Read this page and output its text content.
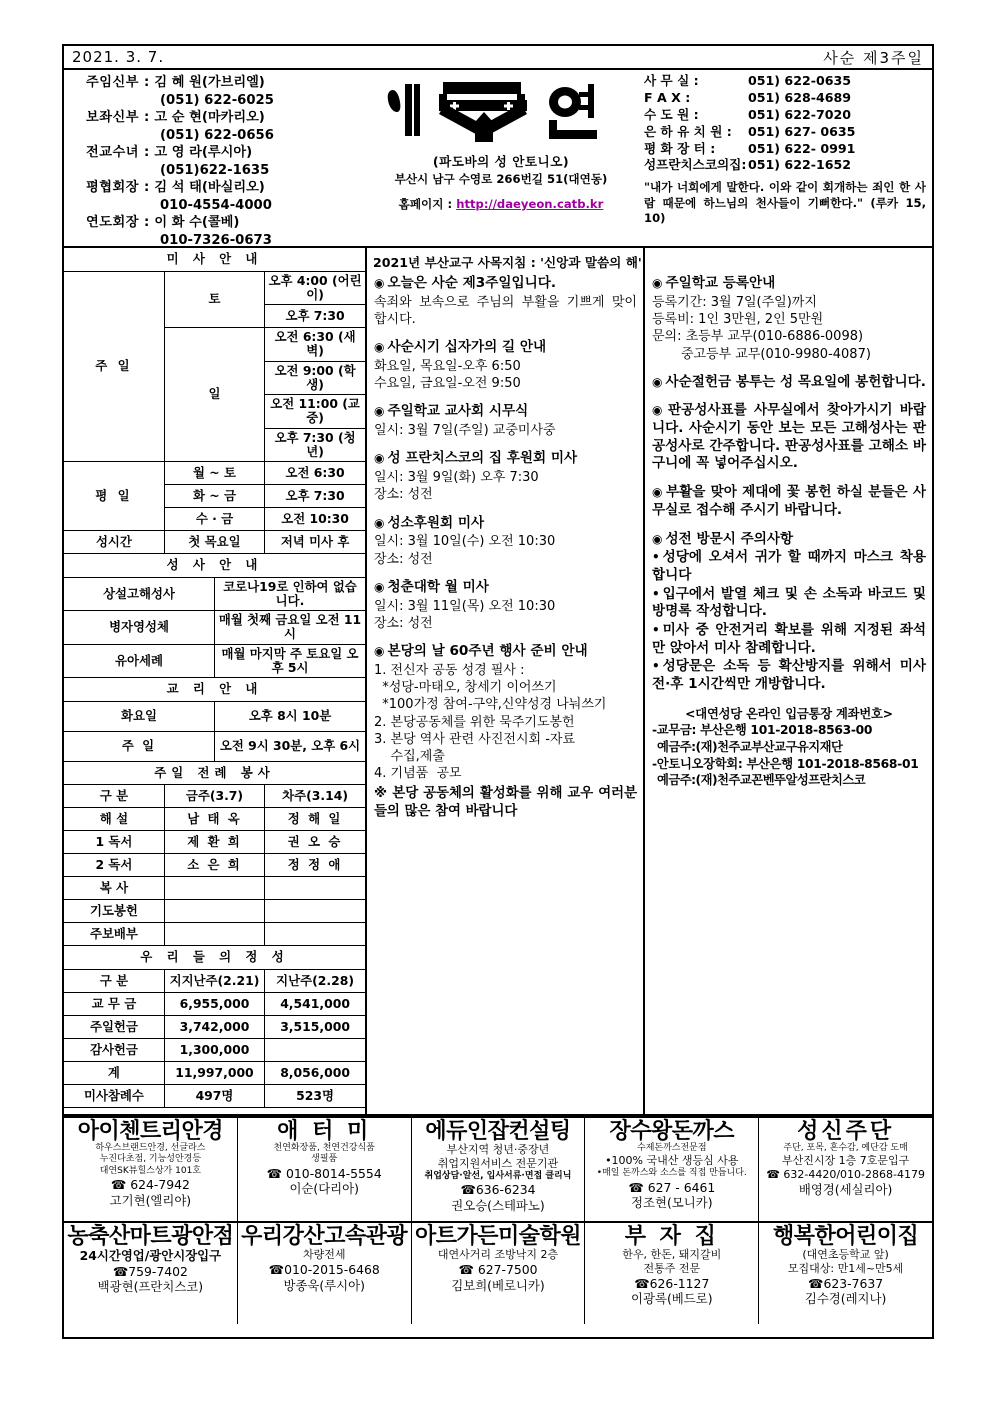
2021. 3. 7.	사순 제3주일
주임신부 : 김 혜 원(가브리엘)
(051) 622-6025
보좌신부 : 고 순 현(마카리오)
(051) 622-0656
전교수녀 : 고 영 라(루시아)
(051)622-1635
평협회장 : 김 석 태(바실리오)
010-4554-4000
연도회장 : 이 화 수(콜베)
010-7326-0673
(파도바의 성 안토니오)
부산시 남구 수영로 266번길 51(대연동)
홈페이지 : http://daeyeon.catb.kr
사 무 실 :	051) 622-0635
F A X :	051) 628-4689
수 도 원 :	051) 622-7020
은 하 유 치 원 :	051) 627- 0635
평 화 장 터 :	051) 622- 0991
성프란치스코의집: 051) 622-1652
"내가 너희에게 말한다. 이와 같이 회개하는 죄인 한 사람 때문에 하느님의 천사들이 기뻐한다." (루카 15, 10)
미 사 안 내		
주 일	토	오후 4:00 (어린이)
		오후 7:30
	일	오전 6:30 (새벽)
		오전 9:00 (학생)
		오전 11:00 (교중)
		오후 7:30 (청년)
평 일	월 ~ 토	오전 6:30
	화 ~ 금	오후 7:30
	수 · 금	오전 10:30
성시간	첫 목요일	저녁 미사 후
성 사 안 내	
상설고해성사	코로나19로 인하여 없습니다.
병자영성체	매월 첫째 금요일 오전 11시
유아세례	매월 마지막 주 토요일 오후 5시
교 리 안 내	
화요일	오후 8시 10분
주 일	오전 9시 30분, 오후 6시
주일 전례 봉사		
구 분	금주(3.7)	차주(3.14)
해 설	남 태 옥	정 해 일
1 독서	제 환 희	권 오 승
2 독서	소 은 희	정 정 애
복 사		
기도봉헌		
주보배부		
우 리 들 의 정 성		
구 분	지지난주(2.21)	지난주(2.28)
교 무 금	6,955,000	4,541,000
주일헌금	3,742,000	3,515,000
감사헌금	1,300,000	
계	11,997,000	8,056,000
미사참례수	497명	523명
2021년 부산교구 사목지침 : '신앙과 말씀의 해'
◉ 오늘은 사순 제3주일입니다.
속죄와 보속으로 주님의 부활을 기쁘게 맞이 합시다.
◉ 사순시기 십자가의 길 안내
화요일, 목요일-오후 6:50
수요일, 금요일-오전 9:50
◉ 주일학교 교사회 시무식
일시: 3월 7일(주일) 교중미사중
◉ 성 프란치스코의 집 후원회 미사
일시: 3월 9일(화) 오후 7:30
장소: 성전
◉ 성소후원회 미사
일시: 3월 10일(수) 오전 10:30
장소: 성전
◉ 청춘대학 월 미사
일시: 3월 11일(목) 오전 10:30
장소: 성전
◉ 본당의 날 60주년 행사 준비 안내
1. 전신자 공동 성경 필사 :
*성당-마태오, 창세기 이어쓰기
*100가정 참여-구약,신약성경 나눠쓰기
2. 본당공동체를 위한 묵주기도봉헌
3. 본당 역사 관련 사진전시회 -자료
수집,제출
4. 기념품  공모
※ 본당 공동체의 활성화를 위해 교우 여러분들의 많은 참여 바랍니다
◉ 주일학교 등록안내
등록기간: 3월 7일(주일)까지
등록비: 1인 3만원, 2인 5만원
문의: 초등부 교무(010-6886-0098)
중고등부 교무(010-9980-4087)
◉ 사순절헌금 봉투는 성 목요일에 봉헌합니다.
◉ 판공성사표를 사무실에서 찾아가시기 바랍니다. 사순시기 동안 보는 모든 고해성사는 판공성사로 간주합니다. 판공성사표를 고해소 바구니에 꼭 넣어주십시오.
◉ 부활을 맞아 제대에 꽃 봉헌 하실 분들은 사무실로 접수해 주시기 바랍니다.
◉ 성전 방문시 주의사항
• 성당에 오셔서 귀가 할 때까지 마스크 착용합니다
• 입구에서 발열 체크 및 손 소독과 바코드 및 방명록 작성합니다.
• 미사 중 안전거리 확보를 위해 지정된 좌석만 앉아서 미사 참례합니다.
• 성당문은 소독 등 확산방지를 위해서 미사 전·후 1시간씩만 개방합니다.
<대연성당 온라인 입금통장 계좌번호>
-교무금: 부산은행 101-2018-8563-00
예금주:(재)천주교부산교구유지재단
-안토니오장학회: 부산은행 101-2018-8568-01
예금주:(재)천주교꼰벤뚜알성프란치스코
아이첸트리안경
하우스브랜드안경, 선글라스
누진다초점, 기능성안경등
대연SK뷰힐스상가 101호
☎ 624-7942
고기현(엘리야)
애 터 미
천연화장품, 천연건강식품
생필품
☎ 010-8014-5554
이순(다리아)
에듀인잡컨설팅
부산지역 청년·중장년
취업지원서비스 전문기관
취업상담·알선, 입사서류·면접 클리닉
☎636-6234
권오승(스테파노)
장수왕돈까스
수제돈까스전문점
•100% 국내산 생등심 사용
•매일 돈까스와 소스를 직접 만듭니다.
☎ 627 - 6461
정조현(모니카)
성신주단
주단, 포목, 혼수감, 예단감 도매
부산진시장 1층 7호문입구
☎ 632-4420/010-2868-4179
배영경(세실리아)
농축산마트광안점
24시간영업/광안시장입구
☎759-7402
백광현(프란치스코)
우리강산고속관광
차량전세
☎010-2015-6468
방종욱(루시아)
아트가든미술학원
대연사거리 조방낙지 2층
☎ 627-7500
김보희(베로니카)
부 자 집
한우, 한돈, 돼지갈비
전통주 전문
☎626-1127
이광록(베드로)
행복한어린이집
(대연초등학교 앞)
모집대상: 만1세~만5세
☎623-7637
김수경(레지나)
